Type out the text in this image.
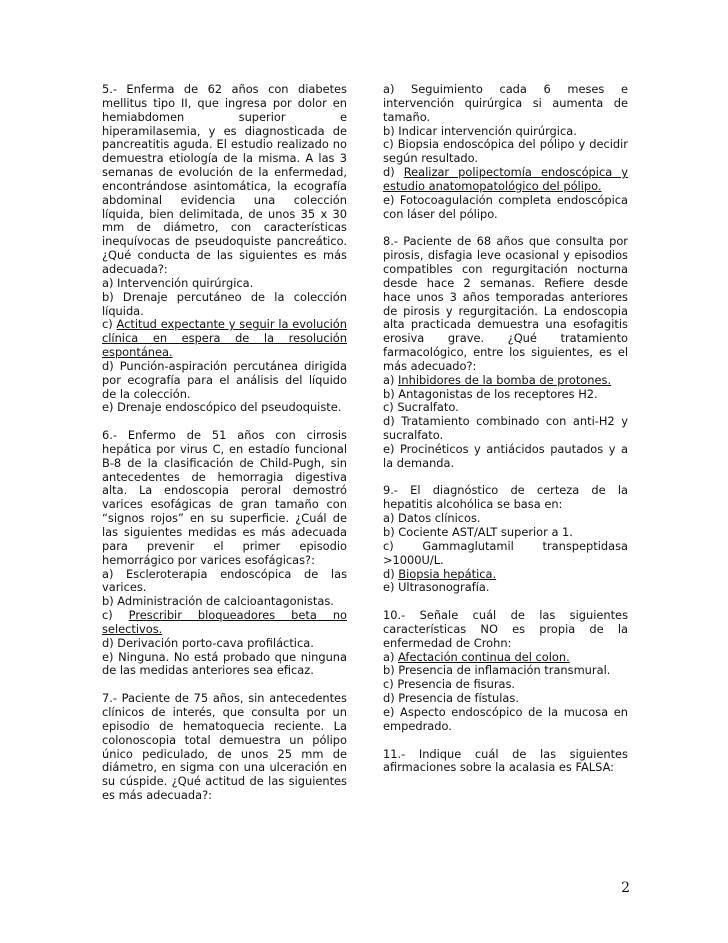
5.- Enferma de 62 años con diabetes mellitus tipo II, que ingresa por dolor en hemiabdomen superior e hiperamilasemia, y es diagnosticada de pancreatitis aguda. El estudio realizado no demuestra etiología de la misma. A las 3 semanas de evolución de la enfermedad, encontrándose asintomática, la ecografía abdominal evidencia una colección líquida, bien delimitada, de unos 35 x 30 mm de diámetro, con características inequívocas de pseudoquiste pancreático. ¿Qué conducta de las siguientes es más adecuada?:

a) Intervención quirúrgica.
b) Drenaje percutáneo de la colección líquida.
c) Actitud expectante y seguir la evolución clínica en espera de la resolución espontánea.
d) Punción-aspiración percutánea dirigida por ecografía para el análisis del líquido de la colección.
e) Drenaje endoscópico del pseudoquiste.

6.- Enfermo de 51 años con cirrosis hepática por virus C, en estadío funcional B-8 de la clasificación de Child-Pugh, sin antecedentes de hemorragia digestiva alta. La endoscopia peroral demostró varices esofágicas de gran tamaño con “signos rojos” en su superficie. ¿Cuál de las siguientes medidas es más adecuada para prevenir el primer episodio hemorrágico por varices esofágicas?:

a) Escleroterapia endoscópica de las varices.
b) Administración de calcioantagonistas.
c) Prescribir bloqueadores beta no selectivos.
d) Derivación porto-cava profiláctica.
e) Ninguna. No está probado que ninguna de las medidas anteriores sea eficaz.

7.- Paciente de 75 años, sin antecedentes clínicos de interés, que consulta por un episodio de hematoquecia reciente. La colonoscopia total demuestra un pólipo único pediculado, de unos 25 mm de diámetro, en sigma con una ulceración en su cúspide. ¿Qué actitud de las siguientes es más adecuada?:

a) Seguimiento cada 6 meses e intervención quirúrgica si aumenta de tamaño.
b) Indicar intervención quirúrgica.
c) Biopsia endoscópica del pólipo y decidir según resultado.
d) Realizar polipectomía endoscópica y estudio anatomopatológico del pólipo.
e) Fotocoagulación completa endoscópica con láser del pólipo.

8.- Paciente de 68 años que consulta por pirosis, disfagia leve ocasional y episodios compatibles con regurgitación nocturna desde hace 2 semanas. Refiere desde hace unos 3 años temporadas anteriores de pirosis y regurgitación. La endoscopia alta practicada demuestra una esofagitis erosiva grave. ¿Qué tratamiento farmacológico, entre los siguientes, es el más adecuado?:

a) Inhibidores de la bomba de protones.
b) Antagonistas de los receptores H2.
c) Sucralfato.
d) Tratamiento combinado con anti-H2 y sucralfato.
e) Procinéticos y antiácidos pautados y a la demanda.

9.- El diagnóstico de certeza de la hepatitis alcohólica se basa en:

a) Datos clínicos.
b) Cociente AST/ALT superior a 1.
c) Gammaglutamil transpeptidasa >1000U/L.
d) Biopsia hepática.
e) Ultrasonografía.

10.- Señale cuál de las siguientes características NO es propia de la enfermedad de Crohn:

a) Afectación continua del colon.
b) Presencia de inflamación transmural.
c) Presencia de fisuras.
d) Presencia de fístulas.
e) Aspecto endoscópico de la mucosa en empedrado.

11.- Indique cuál de las siguientes afirmaciones sobre la acalasia es FALSA:

2
